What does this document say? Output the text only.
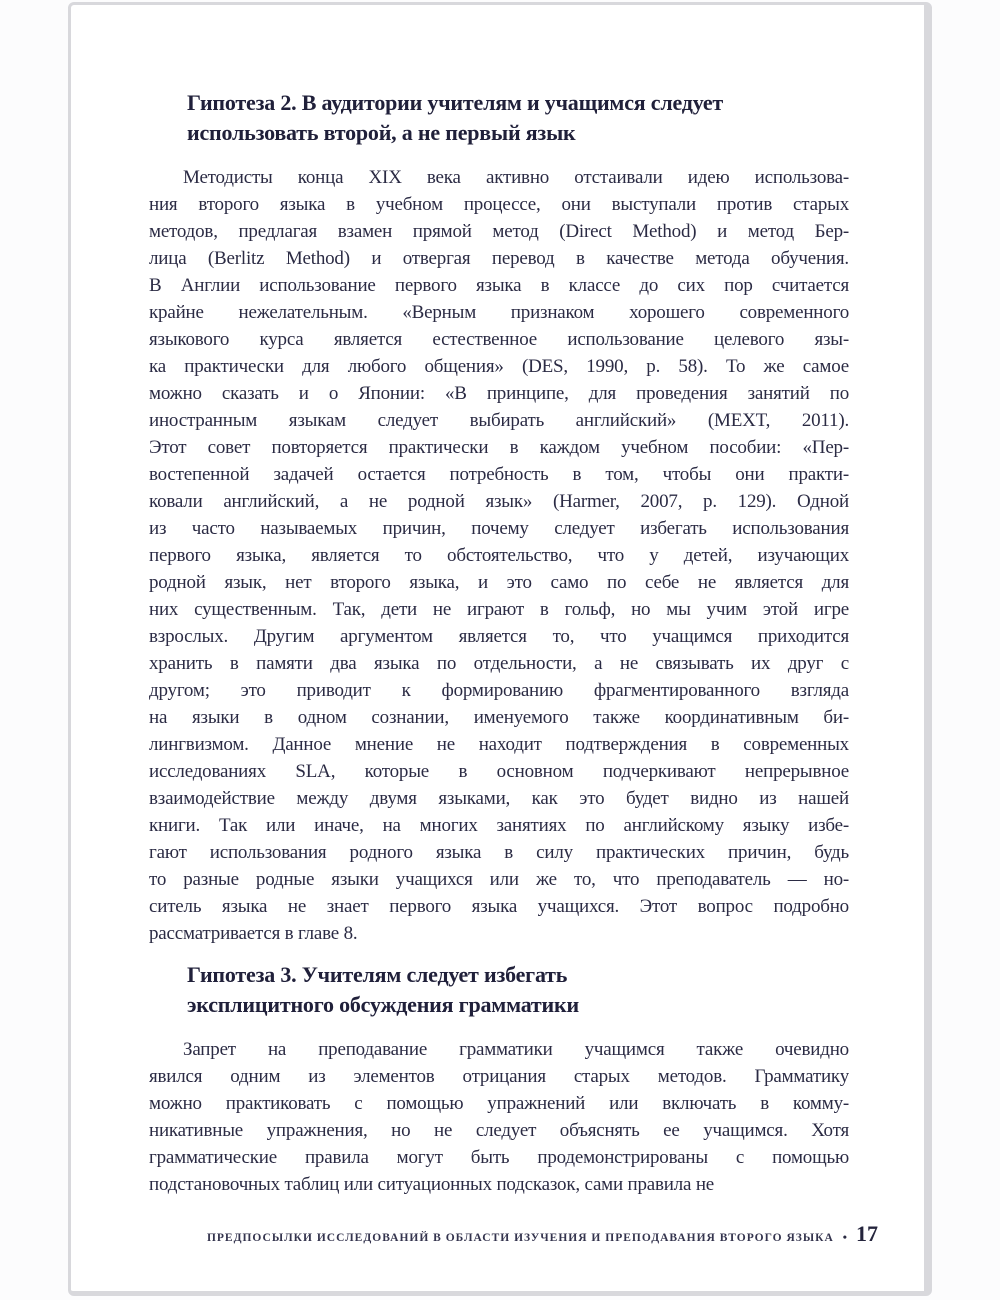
Гипотеза 2. В аудитории учителям и учащимся следует
использовать второй, а не первый язык
Методисты конца XIX века активно отстаивали идею использова-
ния второго языка в учебном процессе, они выступали против старых
методов, предлагая взамен прямой метод (Direct Method) и метод Бер-
лица (Berlitz Method) и отвергая перевод в качестве метода обучения.
В Англии использование первого языка в классе до сих пор считается
крайне нежелательным. «Верным признаком хорошего современного
языкового курса является естественное использование целевого язы-
ка практически для любого общения» (DES, 1990, p. 58). То же самое
можно сказать и о Японии: «В принципе, для проведения занятий по
иностранным языкам следует выбирать английский» (MEXT, 2011).
Этот совет повторяется практически в каждом учебном пособии: «Пер-
востепенной задачей остается потребность в том, чтобы они практи-
ковали английский, а не родной язык» (Harmer, 2007, p. 129). Одной
из часто называемых причин, почему следует избегать использования
первого языка, является то обстоятельство, что у детей, изучающих
родной язык, нет второго языка, и это само по себе не является для
них существенным. Так, дети не играют в гольф, но мы учим этой игре
взрослых. Другим аргументом является то, что учащимся приходится
хранить в памяти два языка по отдельности, а не связывать их друг с
другом; это приводит к формированию фрагментированного взгляда
на языки в одном сознании, именуемого также координативным би-
лингвизмом. Данное мнение не находит подтверждения в современных
исследованиях SLA, которые в основном подчеркивают непрерывное
взаимодействие между двумя языками, как это будет видно из нашей
книги. Так или иначе, на многих занятиях по английскому языку избе-
гают использования родного языка в силу практических причин, будь
то разные родные языки учащихся или же то, что преподаватель — но-
ситель языка не знает первого языка учащихся. Этот вопрос подробно
рассматривается в главе 8.
Гипотеза 3. Учителям следует избегать
эксплицитного обсуждения грамматики
Запрет на преподавание грамматики учащимся также очевидно
явился одним из элементов отрицания старых методов. Грамматику
можно практиковать с помощью упражнений или включать в комму-
никативные упражнения, но не следует объяснять ее учащимся. Хотя
грамматические правила могут быть продемонстрированы с помощью
подстановочных таблиц или ситуационных подсказок, сами правила не
ПРЕДПОСЫЛКИ ИССЛЕДОВАНИЙ В ОБЛАСТИ ИЗУЧЕНИЯ И ПРЕПОДАВАНИЯ ВТОРОГО ЯЗЫКА • 17
